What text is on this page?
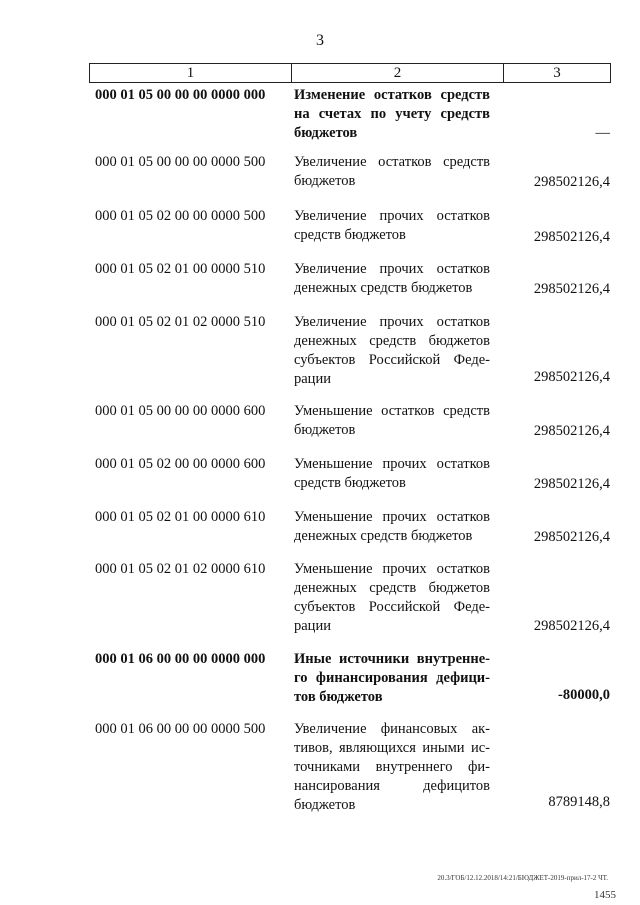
3
1	2	3
000 01 05 00 00 00 0000 000 Изменение остатков средств на счетах по учету средств бюджетов	—
000 01 05 00 00 00 0000 500 Увеличение остатков средств бюджетов	298502126,4
000 01 05 02 00 00 0000 500 Увеличение прочих остатков средств бюджетов	298502126,4
000 01 05 02 01 00 0000 510 Увеличение прочих остатков денежных средств бюджетов	298502126,4
000 01 05 02 01 02 0000 510 Увеличение прочих остатков денежных средств бюджетов субъектов Российской Феде-рации	298502126,4
000 01 05 00 00 00 0000 600 Уменьшение остатков средств бюджетов	298502126,4
000 01 05 02 00 00 0000 600 Уменьшение прочих остатков средств бюджетов	298502126,4
000 01 05 02 01 00 0000 610 Уменьшение прочих остатков денежных средств бюджетов	298502126,4
000 01 05 02 01 02 0000 610 Уменьшение прочих остатков денежных средств бюджетов субъектов Российской Феде-рации	298502126,4
000 01 06 00 00 00 0000 000 Иные источники внутренне-го финансирования дефици-тов бюджетов	-80000,0
000 01 06 00 00 00 0000 500 Увеличение финансовых ак-тивов, являющихся иными ис-точниками внутреннего фи-нансирования дефицитов бюджетов	8789148,8
20.3/ГОБ/12.12.2018/14:21/БЮДЖЕТ-2019-прил-17-2 ЧТ.
1455
